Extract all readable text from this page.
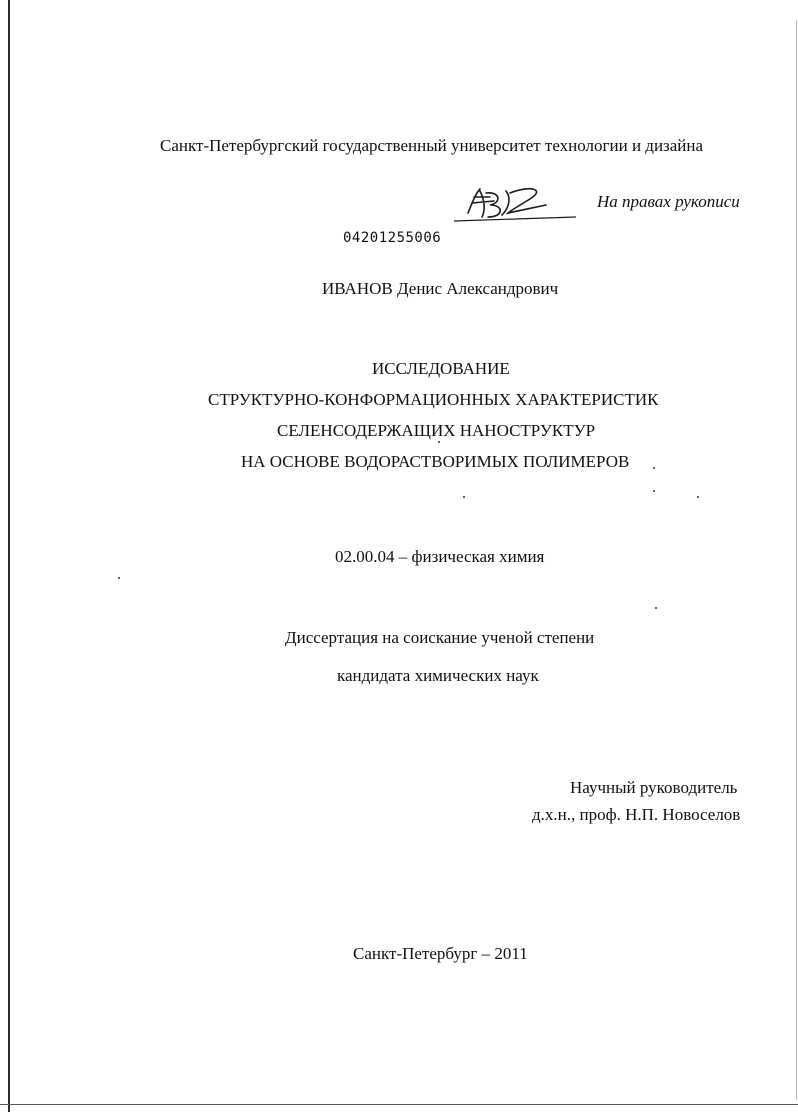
Санкт-Петербургский государственный университет технологии и дизайна
На правах рукописи
04201255006
ИВАНОВ Денис Александрович
ИССЛЕДОВАНИЕ
СТРУКТУРНО-КОНФОРМАЦИОННЫХ ХАРАКТЕРИСТИК
СЕЛЕНСОДЕРЖАЩИХ НАНОСТРУКТУР
НА ОСНОВЕ ВОДОРАСТВОРИМЫХ ПОЛИМЕРОВ
02.00.04 – физическая химия
Диссертация на соискание ученой степени
кандидата химических наук
Научный руководитель
д.х.н., проф. Н.П. Новоселов
Санкт-Петербург – 2011
